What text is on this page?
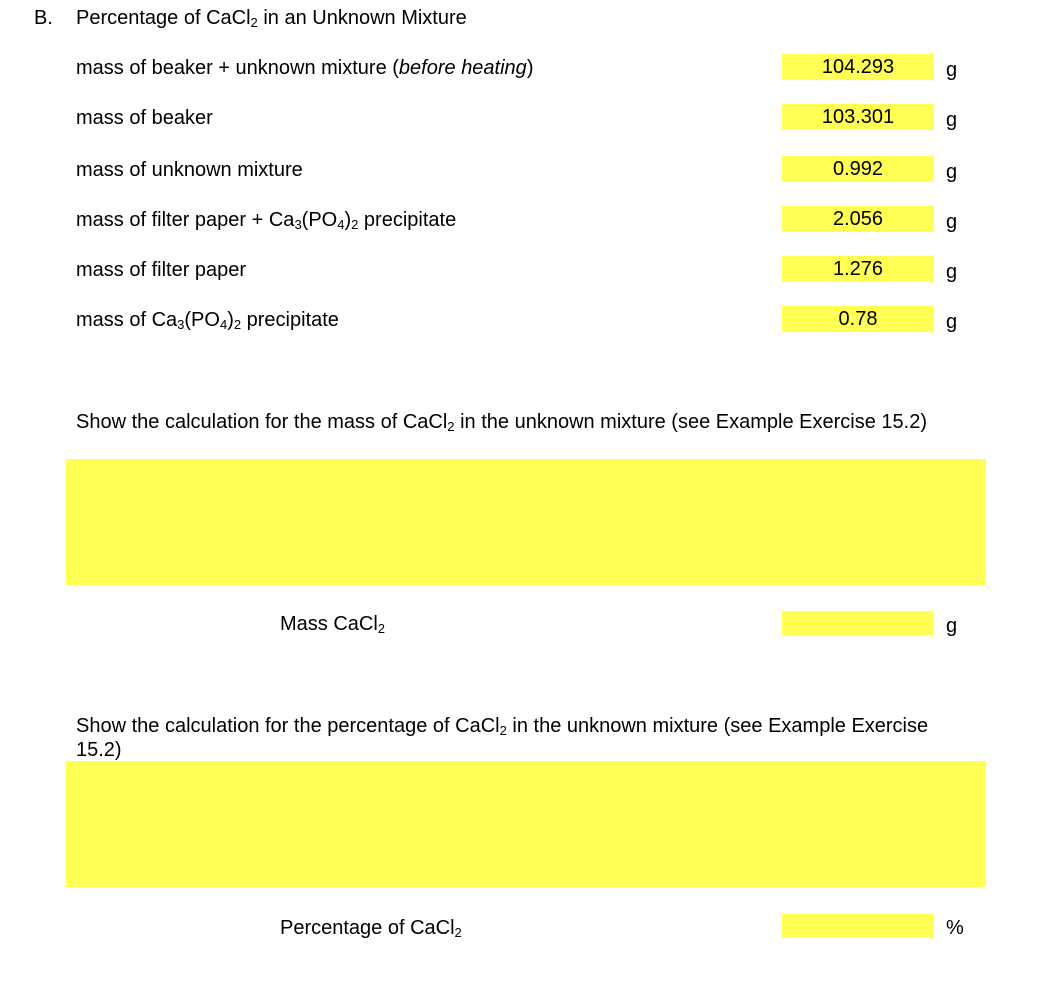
B. Percentage of CaCl$_2$ in an Unknown Mixture
mass of beaker + unknown mixture (before heating)	104.293	g
mass of beaker	103.301	g
mass of unknown mixture	0.992	g
mass of filter paper + $Ca_3(PO_4)_2$ precipitate	2.056	g
mass of filter paper	1.276	g
mass of $Ca_3(PO_4)_2$ precipitate	0.78	g
Show the calculation for the mass of CaCl$_2$ in the unknown mixture (see Example Exercise 15.2)
Mass CaCl$_2$	g
Show the calculation for the percentage of CaCl$_2$ in the unknown mixture (see Example Exercise 15.2)
Percentage of CaCl$_2$	%
